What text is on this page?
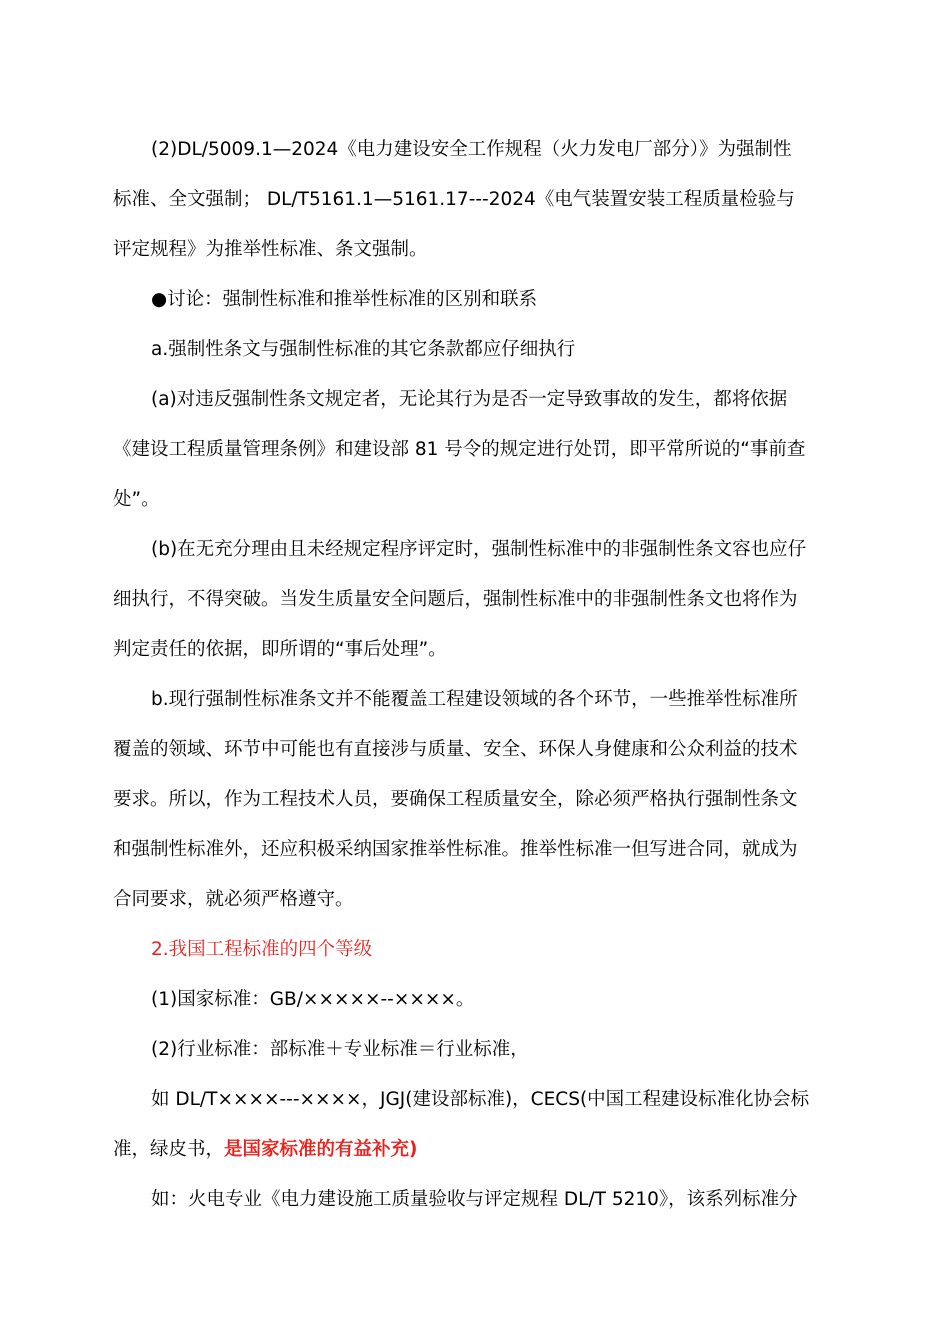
(2)DL/5009.1—2024《电力建设安全工作规程（火力发电厂部分）》为强制性
标准、全文强制； DL/T5161.1—5161.17---2024《电气装置安装工程质量检验与
评定规程》为推举性标准、条文强制。
●讨论：强制性标准和推举性标准的区别和联系
a.强制性条文与强制性标准的其它条款都应仔细执行
(a)对违反强制性条文规定者，无论其行为是否一定导致事故的发生，都将依据
《建设工程质量管理条例》和建设部 81 号令的规定进行处罚，即平常所说的“事前查
处”。
(b)在无充分理由且未经规定程序评定时，强制性标准中的非强制性条文容也应仔
细执行，不得突破。当发生质量安全问题后，强制性标准中的非强制性条文也将作为
判定责任的依据，即所谓的“事后处理”。
b.现行强制性标准条文并不能覆盖工程建设领域的各个环节，一些推举性标准所
覆盖的领域、环节中可能也有直接涉与质量、安全、环保人身健康和公众利益的技术
要求。所以，作为工程技术人员，要确保工程质量安全，除必须严格执行强制性条文
和强制性标准外，还应积极采纳国家推举性标准。推举性标准一但写进合同，就成为
合同要求，就必须严格遵守。
2.我国工程标准的四个等级
(1)国家标准：GB/×××××--××××。
(2)行业标准：部标准＋专业标准＝行业标准，
如 DL/T××××---××××，JGJ(建设部标准)，CECS(中国工程建设标准化协会标
准，绿皮书，是国家标准的有益补充)
如：火电专业《电力建设施工质量验收与评定规程 DL/T 5210》，该系列标准分
